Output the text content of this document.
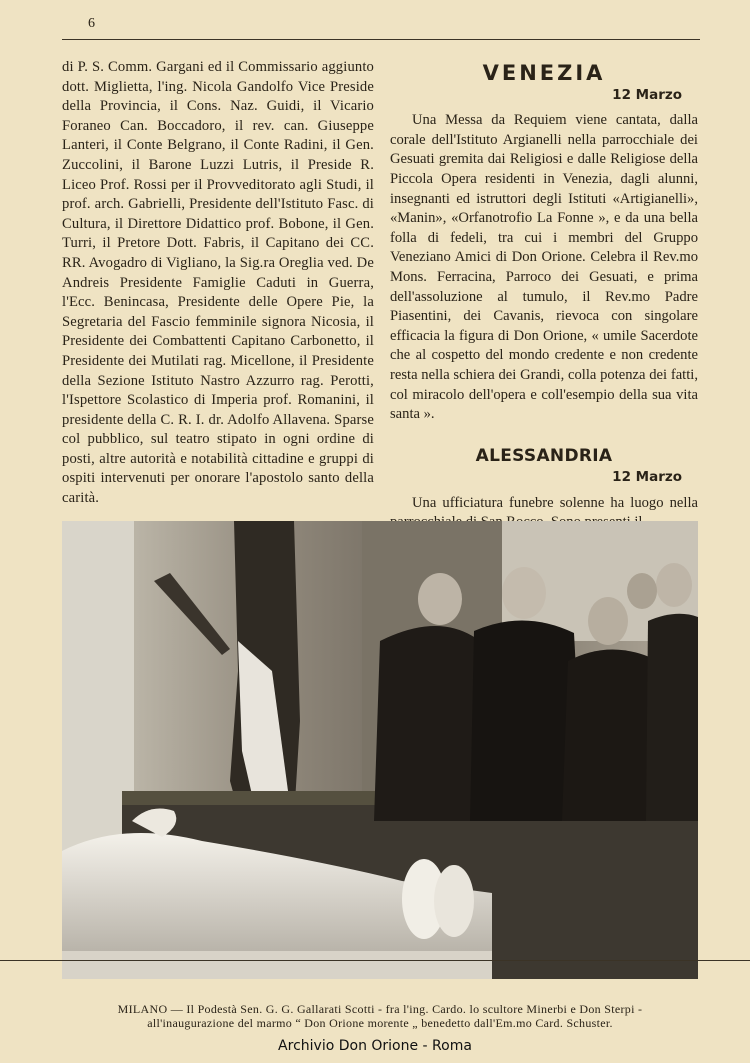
6

di P. S. Comm. Gargani ed il Commissario aggiunto dott. Miglietta, l'ing. Nicola Gandolfo Vice Preside della Provincia, il Cons. Naz. Guidi, il Vicario Foraneo Can. Boccadoro, il rev. can. Giuseppe Lanteri, il Conte Belgrano, il Conte Radini, il Gen. Zuccolini, il Barone Luzzi Lutris, il Preside R. Liceo Prof. Rossi per il Provveditorato agli Studi, il prof. arch. Gabrielli, Presidente dell'Istituto Fasc. di Cultura, il Direttore Didattico prof. Bobone, il Gen. Turri, il Pretore Dott. Fabris, il Capitano dei CC. RR. Avogadro di Vigliano, la Sig.ra Oreglia ved. De Andreis Presidente Famiglie Caduti in Guerra, l'Ecc. Benincasa, Presidente delle Opere Pie, la Segretaria del Fascio femminile signora Nicosia, il Presidente dei Combattenti Capitano Carbonetto, il Presidente dei Mutilati rag. Micellone, il Presidente della Sezione Istituto Nastro Azzurro rag. Perotti, l'Ispettore Scolastico di Imperia prof. Romanini, il presidente della C. R. I. dr. Adolfo Allavena. Sparse col pubblico, sul teatro stipato in ogni ordine di posti, altre autorità e notabilità cittadine e gruppi di ospiti intervenuti per onorare l'apostolo santo della carità.

VENEZIA
12 Marzo

Una Messa da Requiem viene cantata, dalla corale dell'Istituto Argianelli nella parrocchiale dei Gesuati gremita dai Religiosi e dalle Religiose della Piccola Opera residenti in Venezia, dagli alunni, insegnanti ed istruttori degli Istituti «Artigianelli», «Manin», «Orfanotrofio La Fonne », e da una bella folla di fedeli, tra cui i membri del Gruppo Veneziano Amici di Don Orione. Celebra il Rev.mo Mons. Ferracina, Parroco dei Gesuati, e prima dell'assoluzione al tumulo, il Rev.mo Padre Piasentini, dei Cavanis, rievoca con singolare efficacia la figura di Don Orione, « umile Sacerdote che al cospetto del mondo credente e non credente resta nella schiera dei Grandi, colla potenza dei fatti, col miracolo dell'opera e coll'esempio della sua vita santa ».

ALESSANDRIA
12 Marzo

Una ufficiatura funebre solenne ha luogo nella

MILANO — Il Podestà Sen. G. G. Gallarati Scotti - fra l'ing. Cardo. lo scultore Minerbi e Don Sterpi -
all'inaugurazione del marmo “ Don Orione morente „ benedetto dall'Em.mo Card. Schuster.
Archivio Don Orione - Roma
